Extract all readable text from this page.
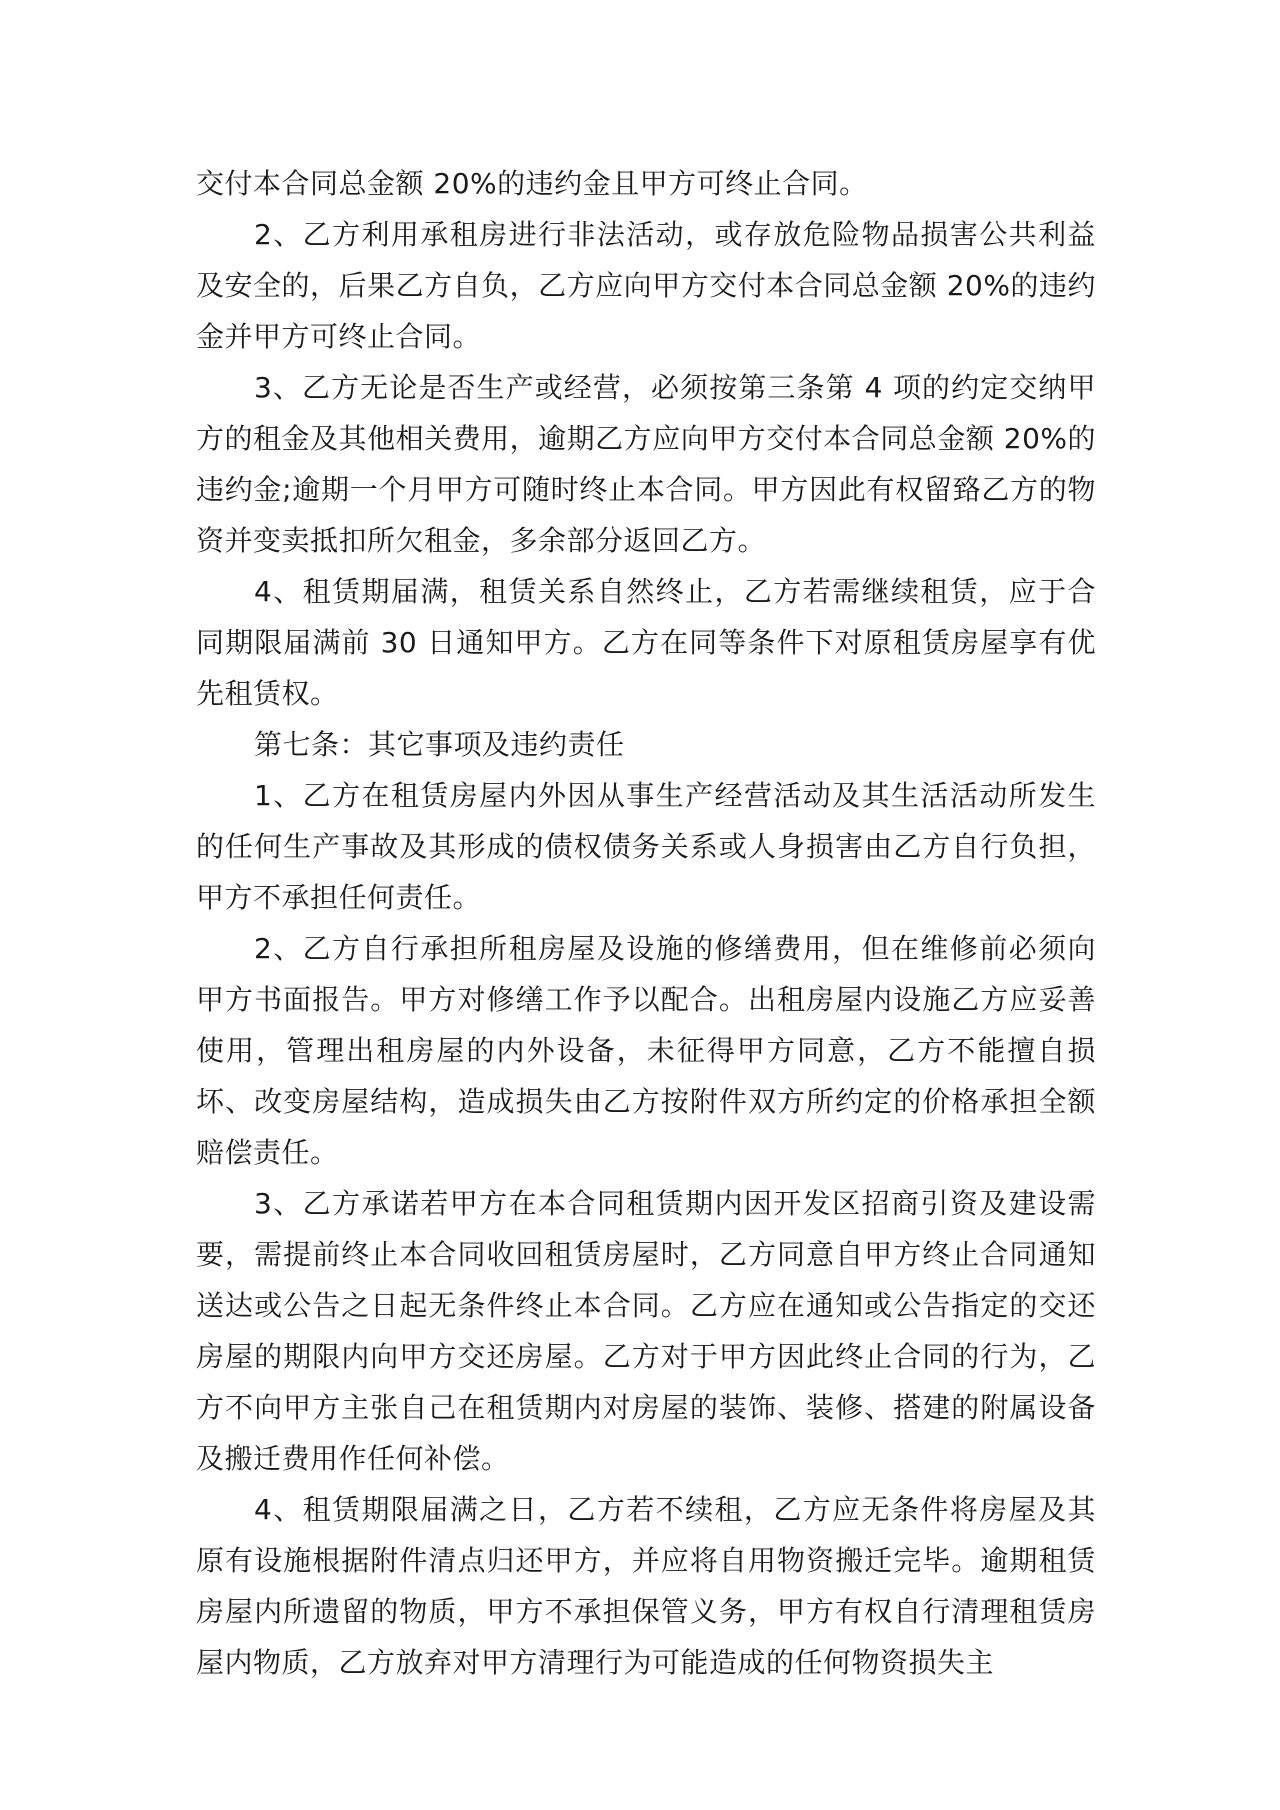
交付本合同总金额 20%的违约金且甲方可终止合同。

2、乙方利用承租房进行非法活动，或存放危险物品损害公共利益及安全的，后果乙方自负，乙方应向甲方交付本合同总金额 20%的违约金并甲方可终止合同。

3、乙方无论是否生产或经营，必须按第三条第 4 项的约定交纳甲方的租金及其他相关费用，逾期乙方应向甲方交付本合同总金额 20%的违约金;逾期一个月甲方可随时终止本合同。甲方因此有权留臵乙方的物资并变卖抵扣所欠租金，多余部分返回乙方。

4、租赁期届满，租赁关系自然终止，乙方若需继续租赁，应于合同期限届满前 30 日通知甲方。乙方在同等条件下对原租赁房屋享有优先租赁权。

第七条：其它事项及违约责任

1、乙方在租赁房屋内外因从事生产经营活动及其生活活动所发生的任何生产事故及其形成的债权债务关系或人身损害由乙方自行负担，甲方不承担任何责任。

2、乙方自行承担所租房屋及设施的修缮费用，但在维修前必须向甲方书面报告。甲方对修缮工作予以配合。出租房屋内设施乙方应妥善使用，管理出租房屋的内外设备，未征得甲方同意，乙方不能擅自损坏、改变房屋结构，造成损失由乙方按附件双方所约定的价格承担全额赔偿责任。

3、乙方承诺若甲方在本合同租赁期内因开发区招商引资及建设需要，需提前终止本合同收回租赁房屋时，乙方同意自甲方终止合同通知送达或公告之日起无条件终止本合同。乙方应在通知或公告指定的交还房屋的期限内向甲方交还房屋。乙方对于甲方因此终止合同的行为，乙方不向甲方主张自己在租赁期内对房屋的装饰、装修、搭建的附属设备及搬迁费用作任何补偿。

4、租赁期限届满之日，乙方若不续租，乙方应无条件将房屋及其原有设施根据附件清点归还甲方，并应将自用物资搬迁完毕。逾期租赁房屋内所遗留的物质，甲方不承担保管义务，甲方有权自行清理租赁房屋内物质，乙方放弃对甲方清理行为可能造成的任何物资损失主
